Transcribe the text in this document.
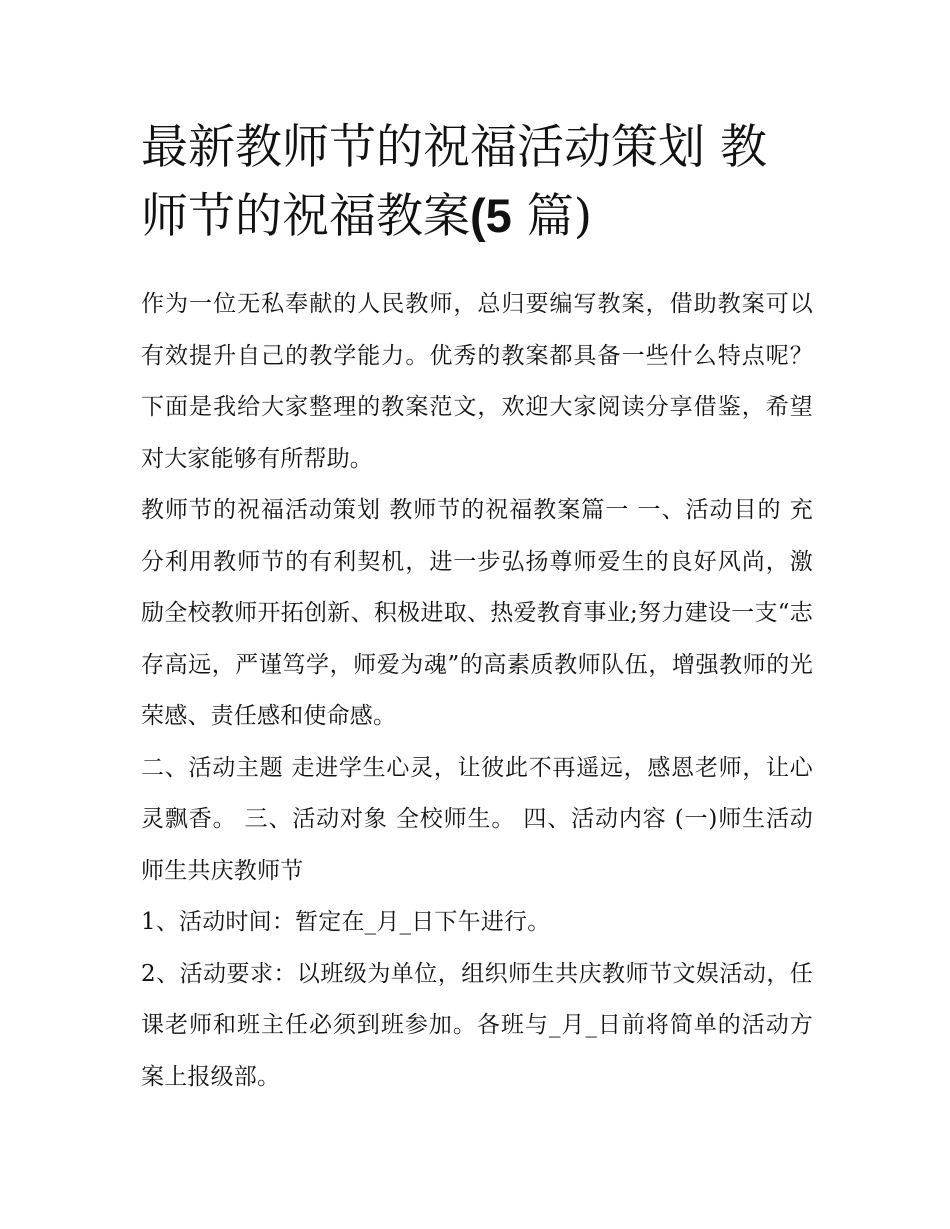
最新教师节的祝福活动策划 教师节的祝福教案(5 篇)

作为一位无私奉献的人民教师，总归要编写教案，借助教案可以有效提升自己的教学能力。优秀的教案都具备一些什么特点呢？下面是我给大家整理的教案范文，欢迎大家阅读分享借鉴，希望对大家能够有所帮助。

教师节的祝福活动策划 教师节的祝福教案篇一 一、活动目的 充分利用教师节的有利契机，进一步弘扬尊师爱生的良好风尚，激励全校教师开拓创新、积极进取、热爱教育事业;努力建设一支“志存高远，严谨笃学，师爱为魂”的高素质教师队伍，增强教师的光荣感、责任感和使命感。

二、活动主题 走进学生心灵，让彼此不再遥远，感恩老师，让心灵飘香。 三、活动对象 全校师生。 四、活动内容 (一)师生活动师生共庆教师节

1、活动时间：暂定在_月_日下午进行。

2、活动要求：以班级为单位，组织师生共庆教师节文娱活动，任课老师和班主任必须到班参加。各班与_月_日前将简单的活动方案上报级部。
